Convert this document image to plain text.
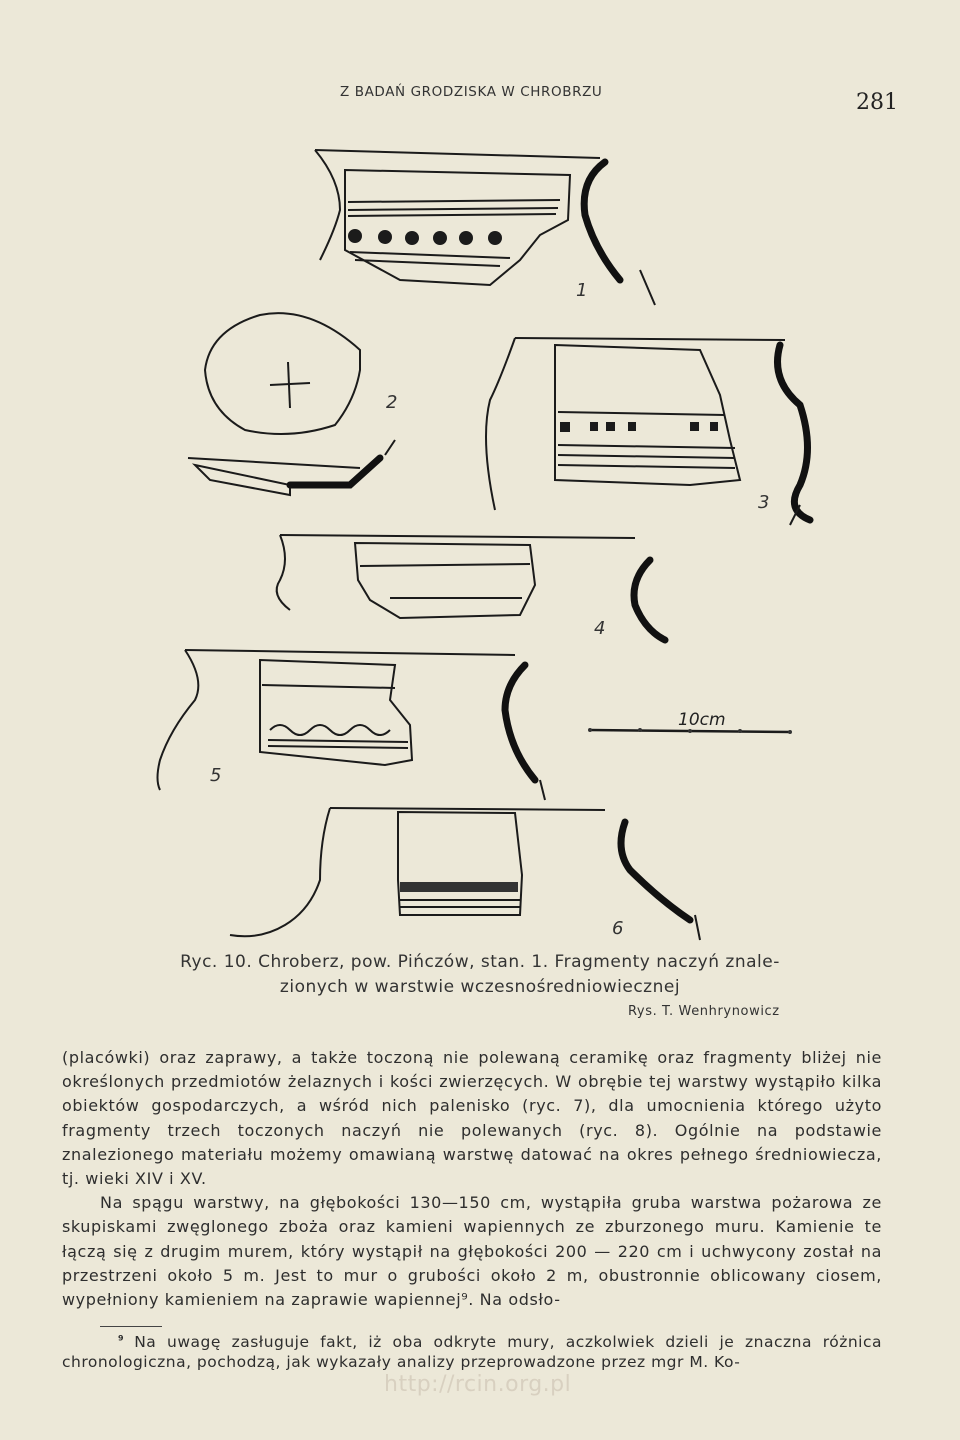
Z BADAŃ GRODZISKA W CHROBRZU	281
1
2
3
4
5
6
10cm
Ryc. 10. Chroberz, pow. Pińczów, stan. 1. Fragmenty naczyń znale-
zionych w warstwie wczesnośredniowiecznej
Rys. T. Wenhrynowicz

(placówki) oraz zaprawy, a także toczoną nie polewaną ceramikę oraz fragmenty bliżej nie określonych przedmiotów żelaznych i kości zwierzęcych. W obrębie tej warstwy wystąpiło kilka obiektów gospodarczych, a wśród nich palenisko (ryc. 7), dla umocnienia którego użyto fragmenty trzech toczonych naczyń nie polewanych (ryc. 8). Ogólnie na podstawie znalezionego materiału możemy omawianą warstwę datować na okres pełnego średniowiecza, tj. wieki XIV i XV.

Na spągu warstwy, na głębokości 130—150 cm, wystąpiła gruba warstwa pożarowa ze skupiskami zwęglonego zboża oraz kamieni wapiennych ze zburzonego muru. Kamienie te łączą się z drugim murem, który wystąpił na głębokości 200 — 220 cm i uchwycony został na przestrzeni około 5 m. Jest to mur o grubości około 2 m, obustronnie oblicowany ciosem, wypełniony kamieniem na zaprawie wapiennej⁹. Na odsło-

$^{^9}$ Na uwagę zasługuje fakt, iż oba odkryte mury, aczkolwiek dzieli je znaczna różnica chronologiczna, pochodzą, jak wykazały analizy przeprowadzone przez mgr M. Ko-
http://rcin.org.pl
